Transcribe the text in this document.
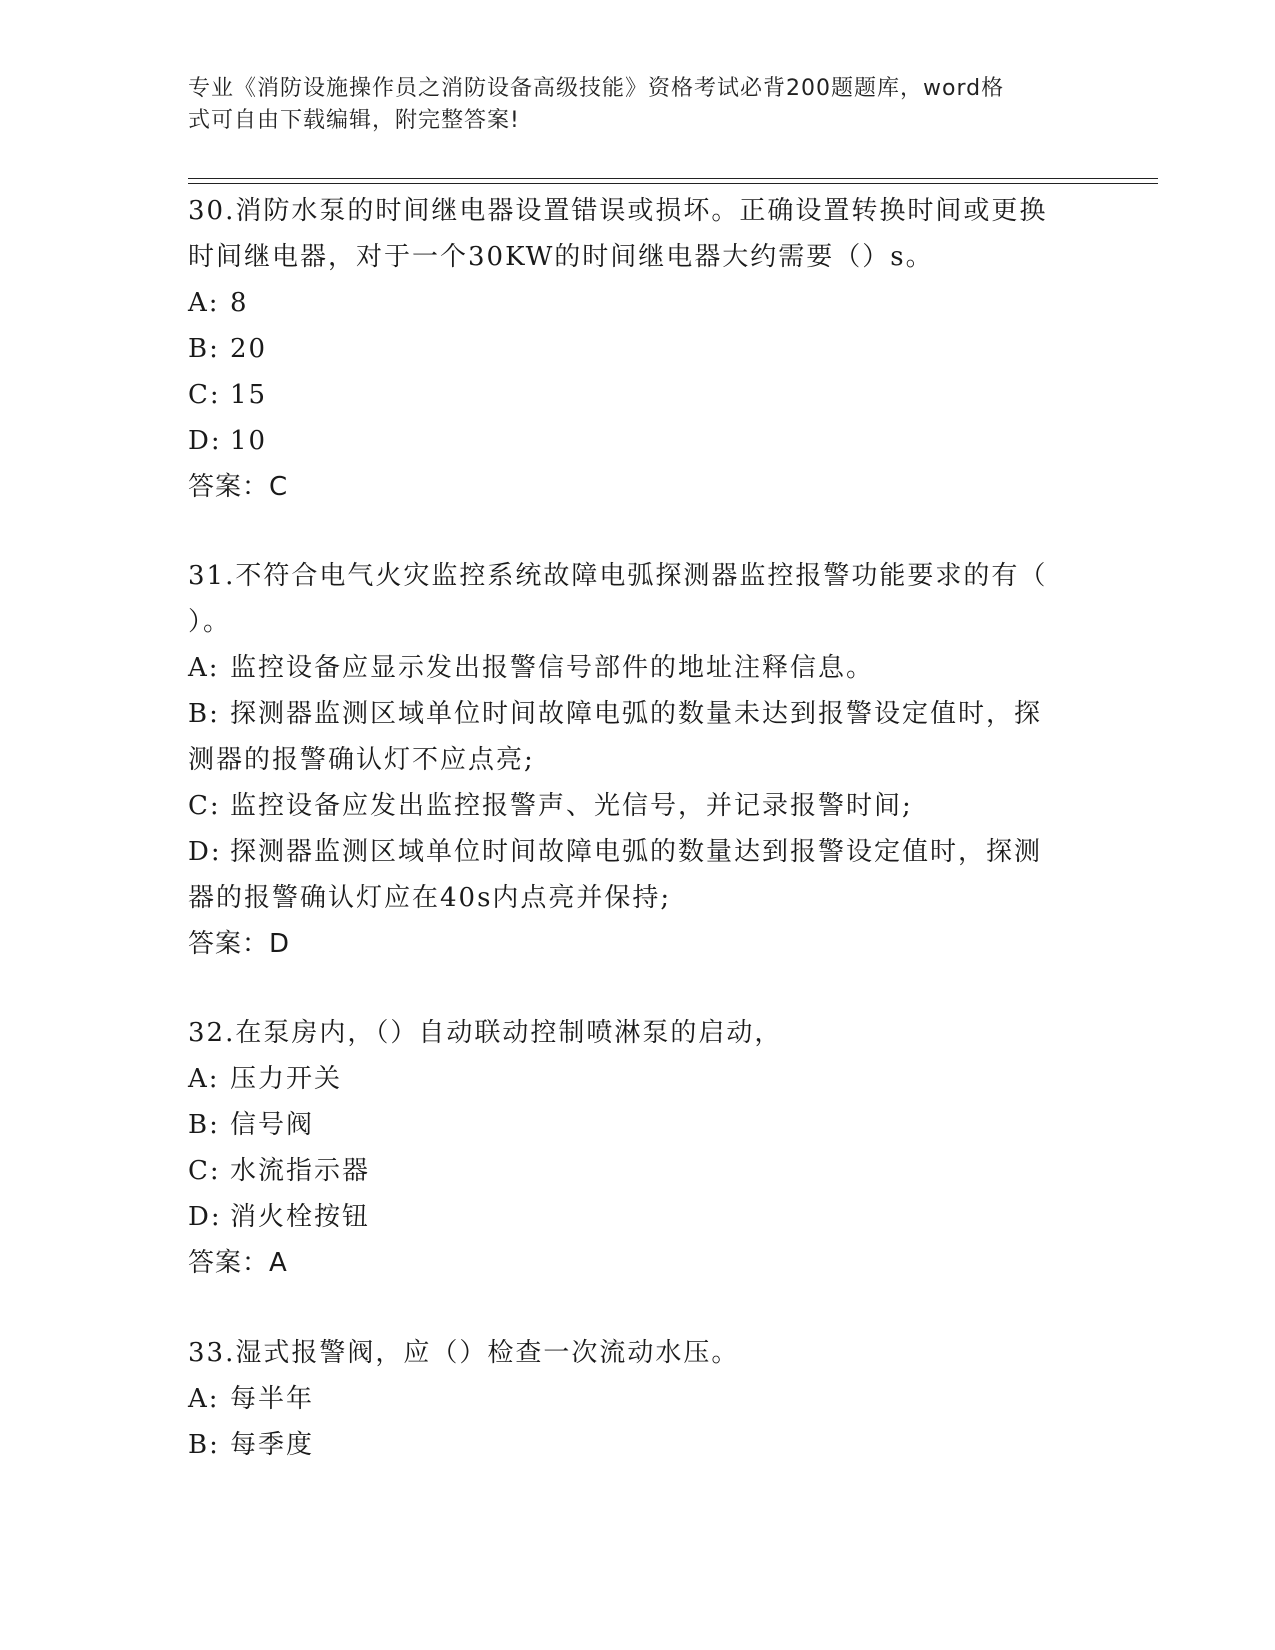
专业《消防设施操作员之消防设备高级技能》资格考试必背200题题库，word格
式可自由下载编辑，附完整答案!

30.消防水泵的时间继电器设置错误或损坏。正确设置转换时间或更换

时间继电器，对于一个30KW的时间继电器大约需要（）s。

A: 8

B: 20

C: 15

D: 10

答案：C

31.不符合电气火灾监控系统故障电弧探测器监控报警功能要求的有（

）。

A: 监控设备应显示发出报警信号部件的地址注释信息。

B: 探测器监测区域单位时间故障电弧的数量未达到报警设定值时，探

测器的报警确认灯不应点亮;

C: 监控设备应发出监控报警声、光信号，并记录报警时间;

D: 探测器监测区域单位时间故障电弧的数量达到报警设定值时，探测

器的报警确认灯应在40s内点亮并保持;

答案：D

32.在泵房内，（）自动联动控制喷淋泵的启动，

A: 压力开关

B: 信号阀

C: 水流指示器

D: 消火栓按钮

答案：A

33.湿式报警阀，应（）检查一次流动水压。

A: 每半年

B: 每季度
